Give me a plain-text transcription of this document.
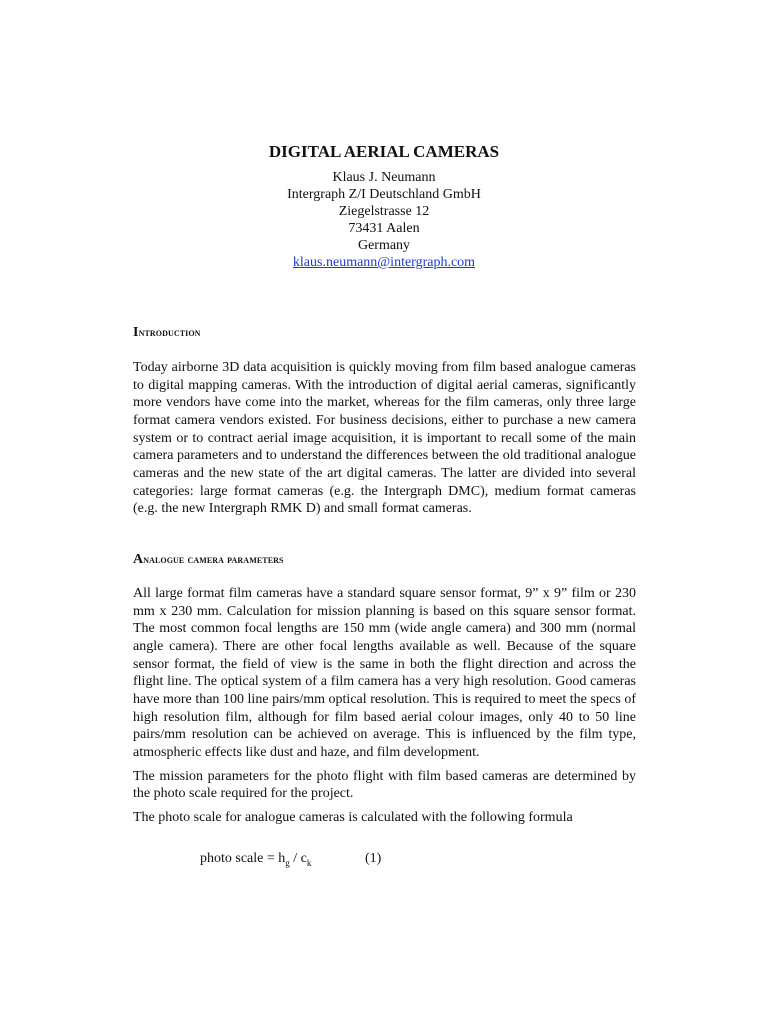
DIGITAL AERIAL CAMERAS
Klaus J. Neumann
Intergraph Z/I Deutschland GmbH
Ziegelstrasse 12
73431 Aalen
Germany
klaus.neumann@intergraph.com
Introduction

Today airborne 3D data acquisition is quickly moving from film based analogue cameras to digital mapping cameras. With the introduction of digital aerial cameras, significantly more vendors have come into the market, whereas for the film cameras, only three large format camera vendors existed. For business decisions, either to purchase a new camera system or to contract aerial image acquisition, it is important to recall some of the main camera parameters and to understand the differences between the old traditional analogue cameras and the new state of the art digital cameras. The latter are divided into several categories: large format cameras (e.g. the Intergraph DMC), medium format cameras (e.g. the new Intergraph RMK D) and small format cameras.

Analogue camera parameters

All large format film cameras have a standard square sensor format, 9” x 9” film or 230 mm x 230 mm. Calculation for mission planning is based on this square sensor format. The most common focal lengths are 150 mm (wide angle camera) and 300 mm (normal angle camera). There are other focal lengths available as well. Because of the square sensor format, the field of view is the same in both the flight direction and across the flight line. The optical system of a film camera has a very high resolution. Good cameras have more than 100 line pairs/mm optical resolution. This is required to meet the specs of high resolution film, although for film based aerial colour images, only 40 to 50 line pairs/mm resolution can be achieved on average. This is influenced by the film type, atmospheric effects like dust and haze, and film development.

The mission parameters for the photo flight with film based cameras are determined by the photo scale required for the project.

The photo scale for analogue cameras is calculated with the following formula

photo scale = $h_g / c_k$	(1)
